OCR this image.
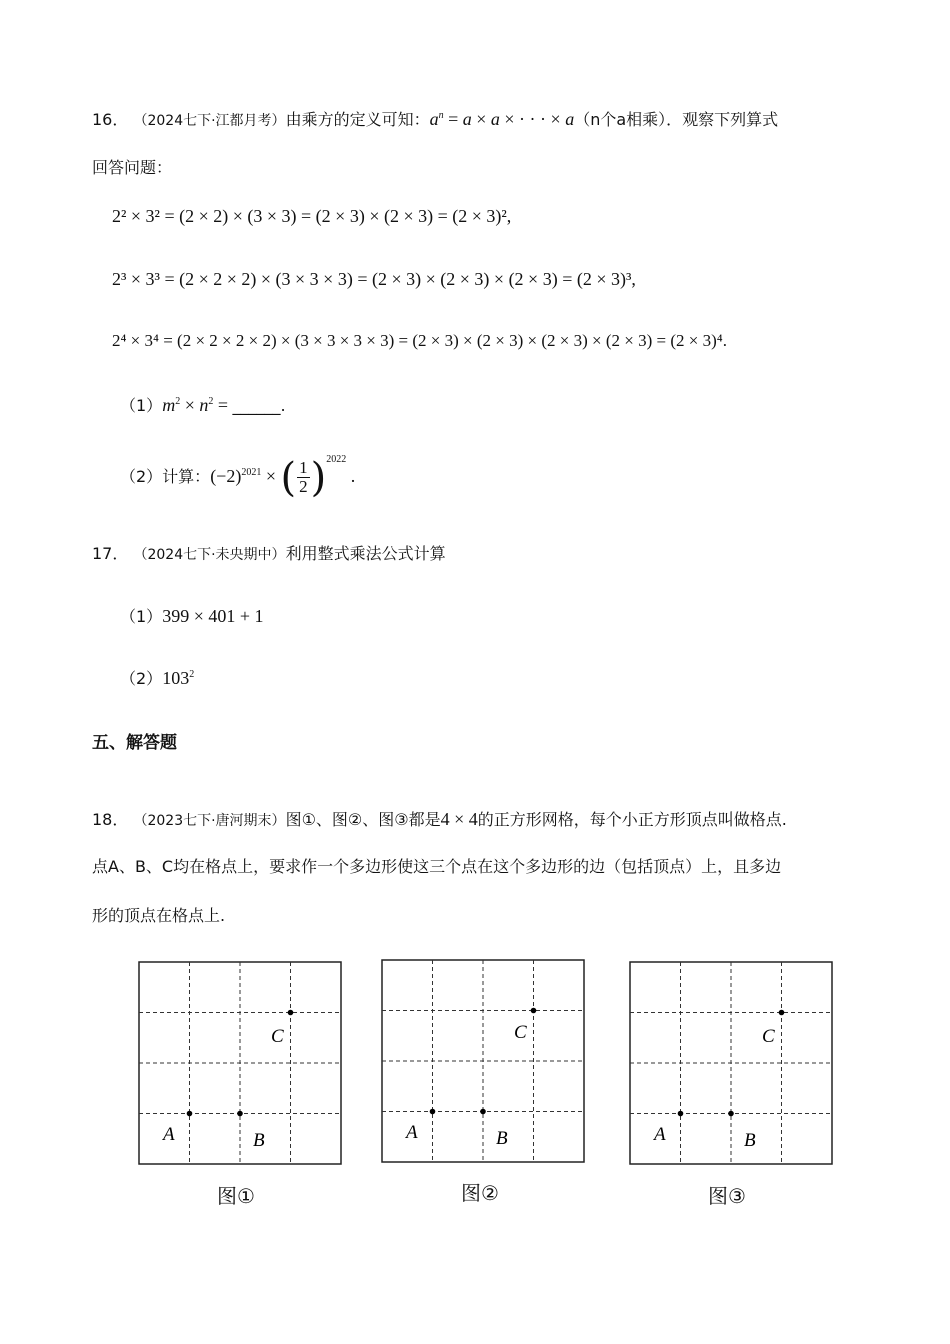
16． （2024七下·江都月考）由乘方的定义可知：$a^n = a \times a$ × · · · × a（n个a相乘）．观察下列算式
回答问题：
2² × 3² = (2 × 2) × (3 × 3) = (2 × 3) × (2 × 3) = (2 × 3)²,
2³ × 3³ = (2 × 2 × 2) × (3 × 3 × 3) = (2 × 3) × (2 × 3) × (2 × 3) = (2 × 3)³,
2⁴ × 3⁴ = (2 × 2 × 2 × 2) × (3 × 3 × 3 × 3) = (2 × 3) × (2 × 3) × (2 × 3) × (2 × 3) = (2 × 3)⁴.
$(1)m^2 \times n^2$ = ______.
（2）计算：$(-2)^{2021}$ × ( $\frac{1}{2} )^{2022}$ .
17． （2024七下·未央期中）利用整式乘法公式计算
（1）399 × 401 + 1
$(2)103^2$
五、解答题
18． （2023七下·唐河期末）图①、图②、图③都是4 × 4的正方形网格，每个小正方形顶点叫做格点.
点A、B、C均在格点上，要求作一个多边形使这三个点在这个多边形的边（包括顶点）上，且多边
形的顶点在格点上.
A	B
C
图①
A	B
C
图②
A	B
C
图③
